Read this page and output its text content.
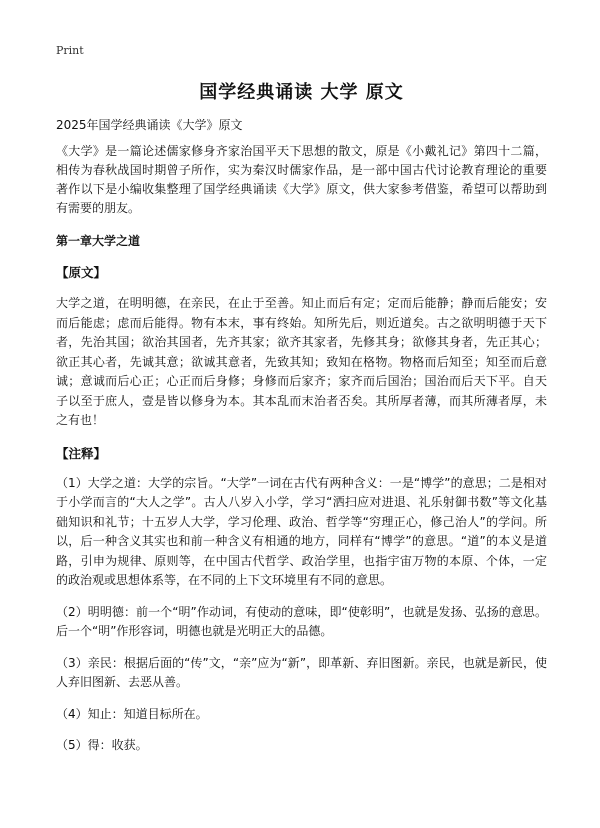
Print
国学经典诵读 大学 原文
2025年国学经典诵读《大学》原文

《大学》是一篇论述儒家修身齐家治国平天下思想的散文，原是《小戴礼记》第四十二篇，相传为春秋战国时期曾子所作，实为秦汉时儒家作品，是一部中国古代讨论教育理论的重要著作以下是小编收集整理了国学经典诵读《大学》原文，供大家参考借鉴，希望可以帮助到有需要的朋友。

第一章大学之道
【原文】

大学之道，在明明德，在亲民，在止于至善。知止而后有定；定而后能静；静而后能安；安而后能虑；虑而后能得。物有本末，事有终始。知所先后，则近道矣。古之欲明明德于天下者，先治其国；欲治其国者，先齐其家；欲齐其家者，先修其身；欲修其身者，先正其心；欲正其心者，先诚其意；欲诚其意者，先致其知；致知在格物。物格而后知至；知至而后意诚；意诚而后心正；心正而后身修；身修而后家齐；家齐而后国治；国治而后天下平。自天子以至于庶人，壹是皆以修身为本。其本乱而末治者否矣。其所厚者薄，而其所薄者厚，未之有也！

【注释】

（1）大学之道：大学的宗旨。“大学”一词在古代有两种含义：一是“博学”的意思；二是相对于小学而言的“大人之学”。古人八岁入小学，学习“洒扫应对进退、礼乐射御书数”等文化基础知识和礼节；十五岁人大学，学习伦理、政治、哲学等“穷理正心，修己治人”的学问。所以，后一种含义其实也和前一种含义有相通的地方，同样有“博学”的意思。“道”的本义是道路，引申为规律、原则等，在中国古代哲学、政治学里，也指宇宙万物的本原、个体，一定的政治观或思想体系等，在不同的上下文环境里有不同的意思。

（2）明明德：前一个“明”作动词，有使动的意味，即“使彰明”，也就是发扬、弘扬的意思。后一个“明”作形容词，明德也就是光明正大的品德。

（3）亲民：根据后面的“传”文，“亲”应为“新”，即革新、弃旧图新。亲民，也就是新民，使人弃旧图新、去恶从善。

（4）知止：知道目标所在。

（5）得：收获。
